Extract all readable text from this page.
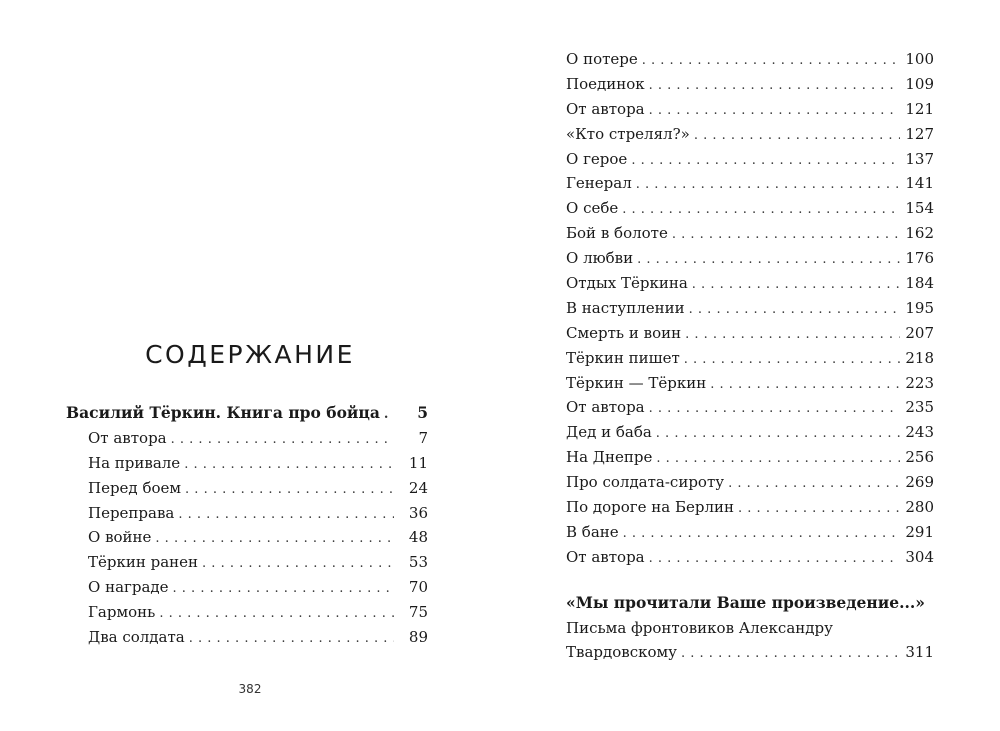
СОДЕРЖАНИЕ
Василий Тёркин. Книга про бойца . . .	5
От автора . . .	7
На привале . . .	11
Перед боем . . .	24
Переправа . . .	36
О войне . . .	48
Тёркин ранен . . .	53
О награде . . .	70
Гармонь . . .	75
Два солдата . . .	89
382
О потере . . .	100
Поединок . . .	109
От автора . . .	121
«Кто стрелял?» . . .	127
О герое . . .	137
Генерал . . .	141
О себе . . .	154
Бой в болоте . . .	162
О любви . . .	176
Отдых Тёркина . . .	184
В наступлении . . .	195
Смерть и воин . . .	207
Тёркин пишет . . .	218
Тёркин — Тёркин . . .	223
От автора . . .	235
Дед и баба . . .	243
На Днепре . . .	256
Про солдата-сироту . . .	269
По дороге на Берлин . . .	280
В бане . . .	291
От автора . . .	304
«Мы прочитали Ваше произведение...»
Письма фронтовиков Александру
Твардовскому . . .	311
